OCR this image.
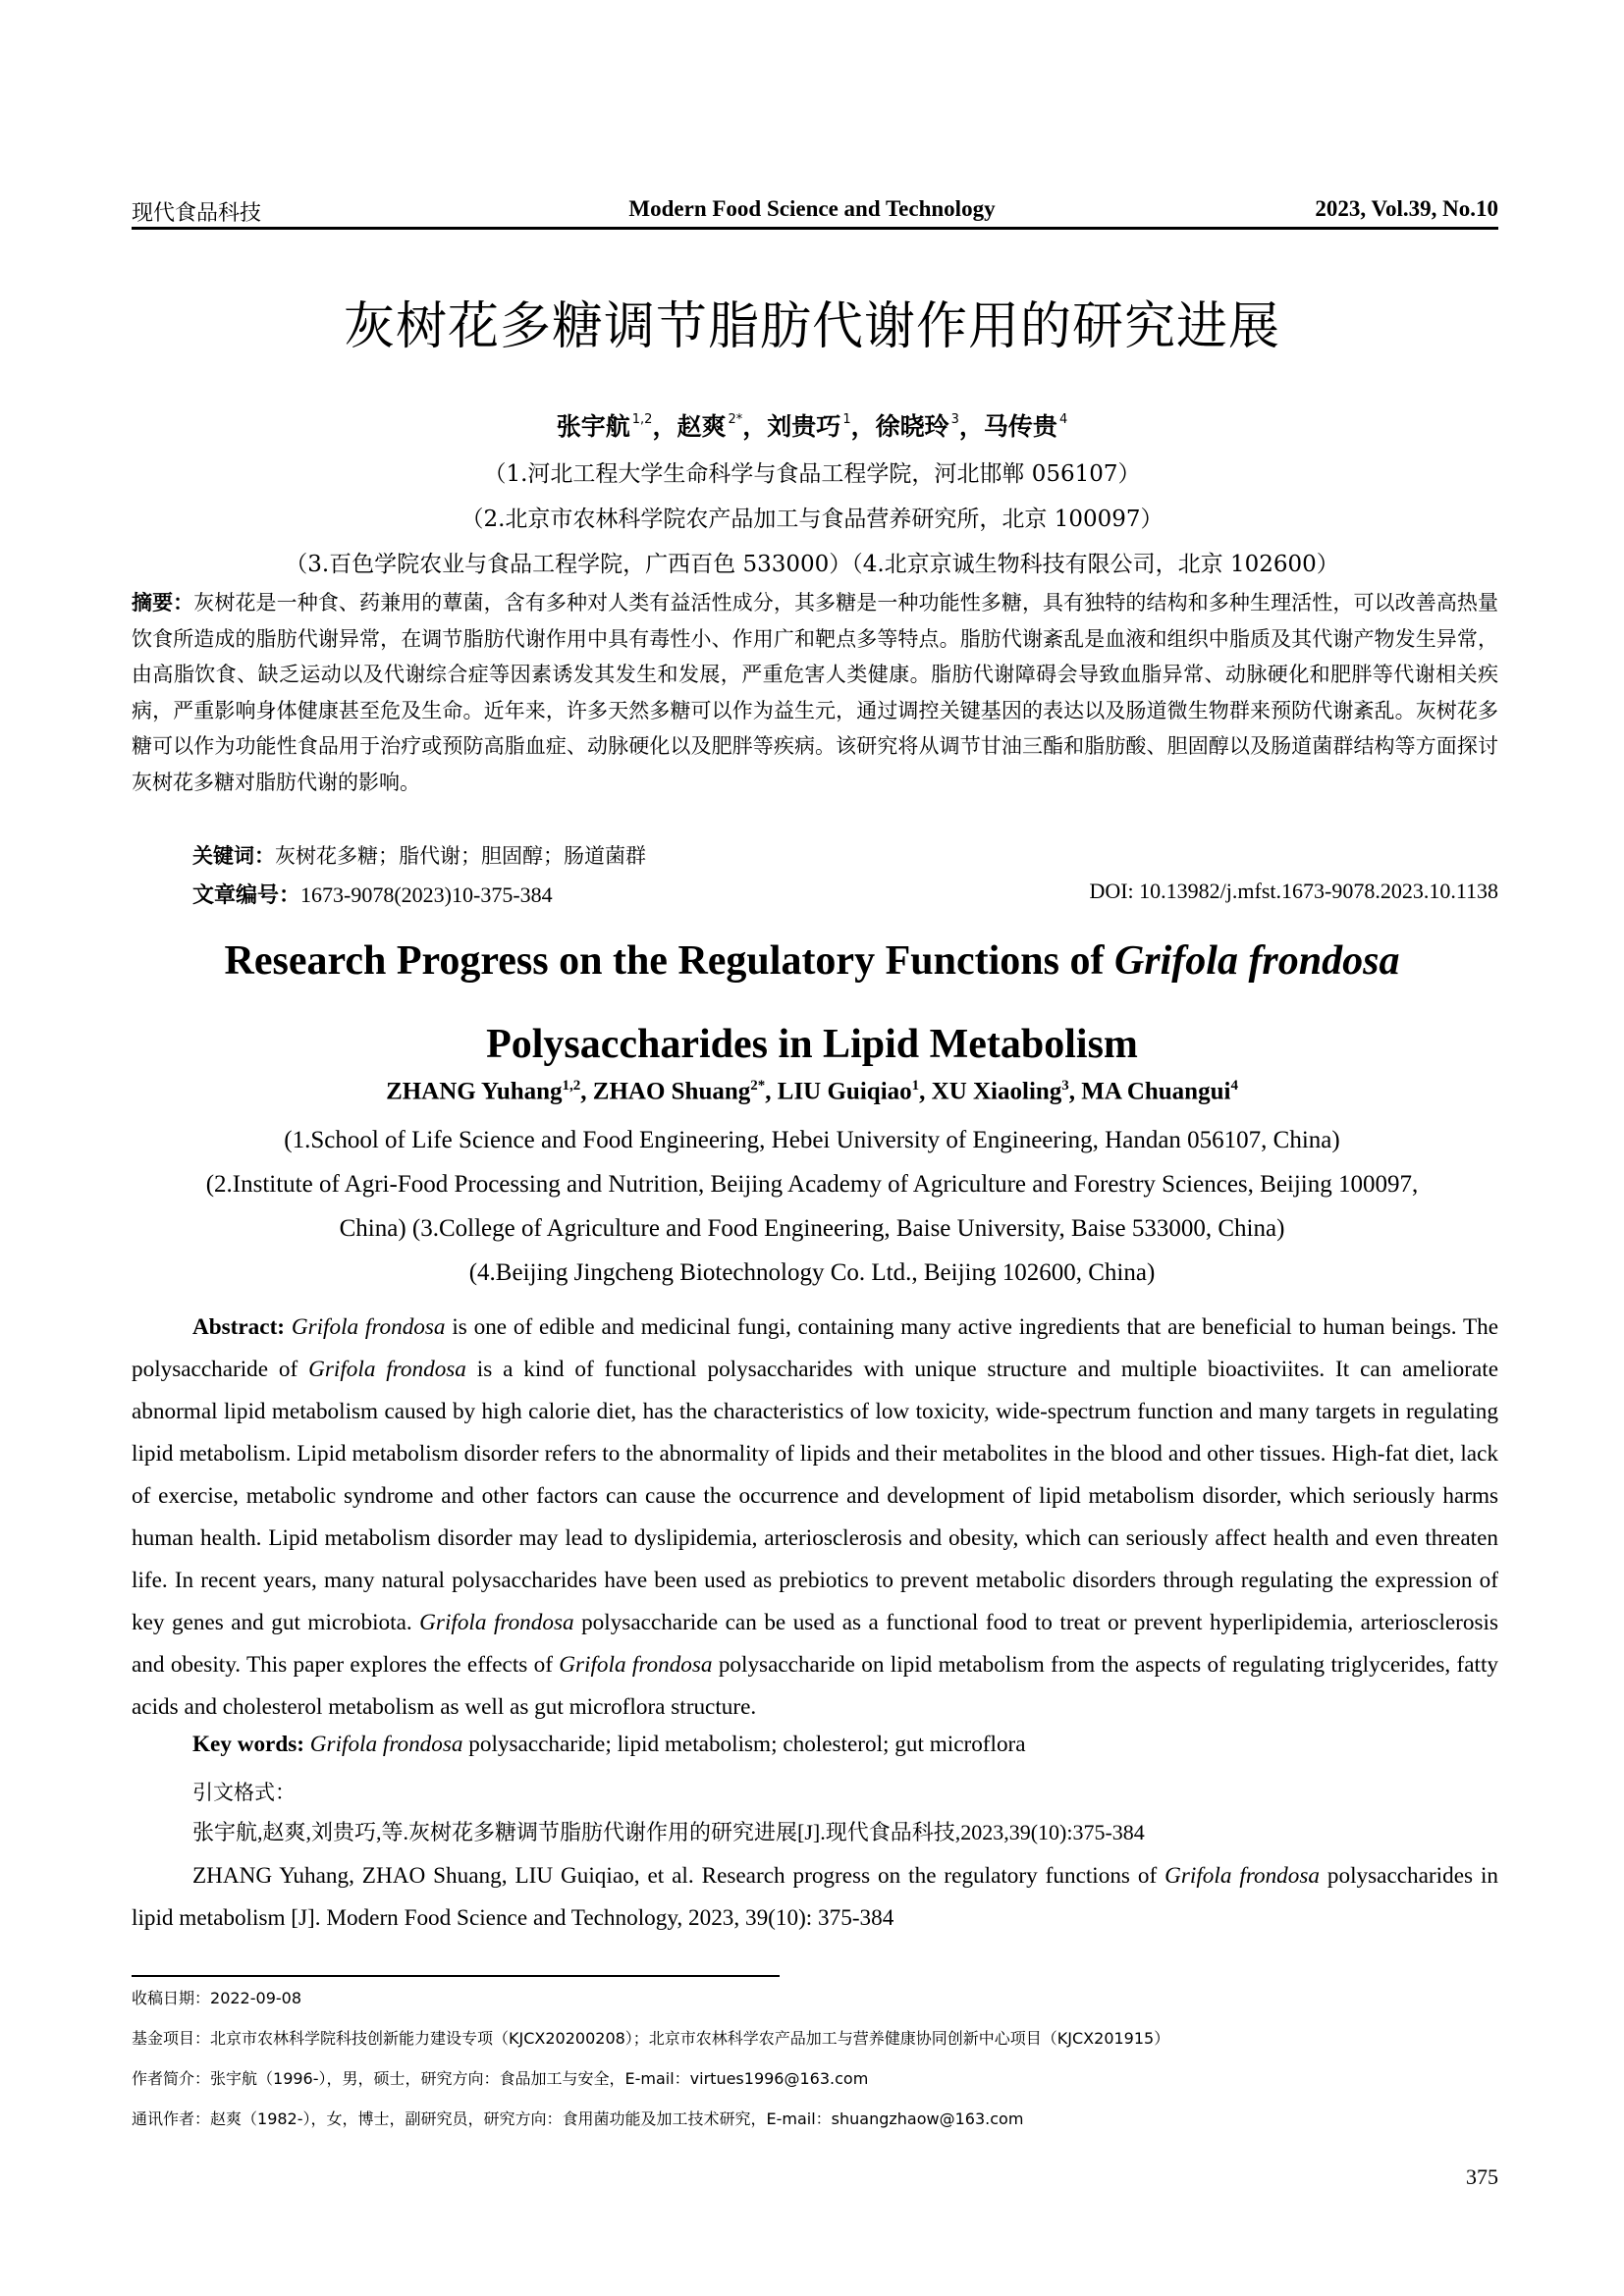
现代食品科技	Modern Food Science and Technology	2023, Vol.39, No.10
灰树花多糖调节脂肪代谢作用的研究进展
张宇航 $^{1,2}$，赵爽 $^{2*}$，刘贵巧 $^1$，徐晓玲 $^3$，马传贵 $^4$
（1.河北工程大学生命科学与食品工程学院，河北邯郸 056107）
（2.北京市农林科学院农产品加工与食品营养研究所，北京 100097）
（3.百色学院农业与食品工程学院，广西百色 533000）（4.北京京诚生物科技有限公司，北京 102600）
摘要：灰树花是一种食、药兼用的蕈菌，含有多种对人类有益活性成分，其多糖是一种功能性多糖，具有独特的结构和多种生理活性，可以改善高热量饮食所造成的脂肪代谢异常，在调节脂肪代谢作用中具有毒性小、作用广和靶点多等特点。脂肪代谢紊乱是血液和组织中脂质及其代谢产物发生异常，由高脂饮食、缺乏运动以及代谢综合症等因素诱发其发生和发展，严重危害人类健康。脂肪代谢障碍会导致血脂异常、动脉硬化和肥胖等代谢相关疾病，严重影响身体健康甚至危及生命。近年来，许多天然多糖可以作为益生元，通过调控关键基因的表达以及肠道微生物群来预防代谢紊乱。灰树花多糖可以作为功能性食品用于治疗或预防高脂血症、动脉硬化以及肥胖等疾病。该研究将从调节甘油三酯和脂肪酸、胆固醇以及肠道菌群结构等方面探讨灰树花多糖对脂肪代谢的影响。
关键词：灰树花多糖；脂代谢；胆固醇；肠道菌群
文章编号：1673-9078(2023)10-375-384	DOI: 10.13982/j.mfst.1673-9078.2023.10.1138
Research Progress on the Regulatory Functions of Grifola frondosa
Polysaccharides in Lipid Metabolism
ZHANG Yuhang$^{1,2}$, ZHAO Shuang$^{2*}$, LIU Guiqiao$^1$, XU Xiaoling$^3$, MA Chuangui$^4$
(1.School of Life Science and Food Engineering, Hebei University of Engineering, Handan 056107, China)
(2.Institute of Agri-Food Processing and Nutrition, Beijing Academy of Agriculture and Forestry Sciences, Beijing 100097,
China) (3.College of Agriculture and Food Engineering, Baise University, Baise 533000, China)
(4.Beijing Jingcheng Biotechnology Co. Ltd., Beijing 102600, China)
Abstract: Grifola frondosa is one of edible and medicinal fungi, containing many active ingredients that are beneficial to human beings. The polysaccharide of Grifola frondosa is a kind of functional polysaccharides with unique structure and multiple bioactiviites. It can ameliorate abnormal lipid metabolism caused by high calorie diet, has the characteristics of low toxicity, wide-spectrum function and many targets in regulating lipid metabolism. Lipid metabolism disorder refers to the abnormality of lipids and their metabolites in the blood and other tissues. High-fat diet, lack of exercise, metabolic syndrome and other factors can cause the occurrence and development of lipid metabolism disorder, which seriously harms human health. Lipid metabolism disorder may lead to dyslipidemia, arteriosclerosis and obesity, which can seriously affect health and even threaten life. In recent years, many natural polysaccharides have been used as prebiotics to prevent metabolic disorders through regulating the expression of key genes and gut microbiota. Grifola frondosa polysaccharide can be used as a functional food to treat or prevent hyperlipidemia, arteriosclerosis and obesity. This paper explores the effects of Grifola frondosa polysaccharide on lipid metabolism from the aspects of regulating triglycerides, fatty acids and cholesterol metabolism as well as gut microflora structure.
Key words: Grifola frondosa polysaccharide; lipid metabolism; cholesterol; gut microflora
引文格式：
张宇航,赵爽,刘贵巧,等.灰树花多糖调节脂肪代谢作用的研究进展[J].现代食品科技,2023,39(10):375-384
ZHANG Yuhang, ZHAO Shuang, LIU Guiqiao, et al. Research progress on the regulatory functions of Grifola frondosa polysaccharides in lipid metabolism [J]. Modern Food Science and Technology, 2023, 39(10): 375-384
收稿日期：2022-09-08
基金项目：北京市农林科学院科技创新能力建设专项（KJCX20200208）；北京市农林科学农产品加工与营养健康协同创新中心项目（KJCX201915）
作者简介：张宇航（1996-），男，硕士，研究方向：食品加工与安全，E-mail：virtues1996@163.com
通讯作者：赵爽（1982-），女，博士，副研究员，研究方向：食用菌功能及加工技术研究，E-mail：shuangzhaow@163.com
375
